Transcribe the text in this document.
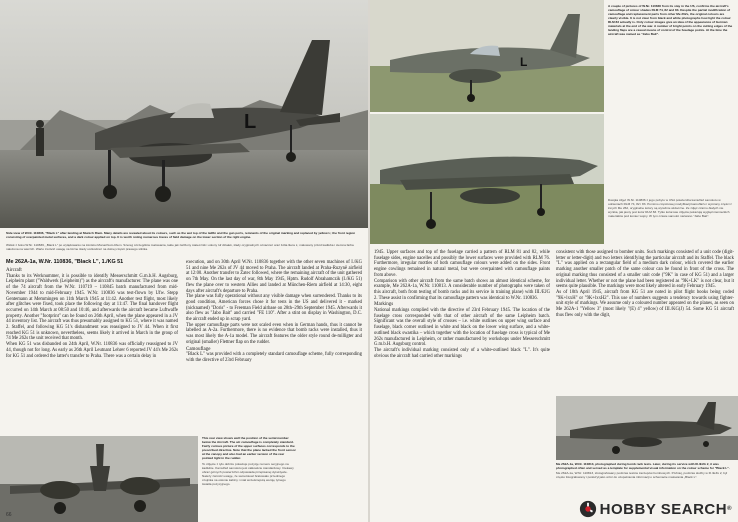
L
Side view of W.Nr. 110836, "Black L" after landing at Munich Riem. Many details are revealed about its colours, such as the wet top of the tailfin and the gun ports, remnants of the original marking and replaced by yellow L; the front region consisting of overpainted metal surfaces, and a dark colour applied on top. It is worth noting numerous traces of field damage on the lower section of the right engine.
Widok z boku W.Nr. 110836, „Black L" po wylądowaniu na lotnisku Monachium-Riem. Szereg szczegółów malowania, takie jak zwilżony statecznik i osłony luf działek, ślady oryginalnych oznaczeń oraz żółta litera L; malowany przód kadłuba i ciemna farba nałożona na wierzch. Warto zwrócić uwagę na liczne ślady uszkodzeń na dolnej części prawego silnika.
Me 262A-1a, W.Nr. 110836, "Black L", 1./KG 51
Aircraft

Thanks to its Werknummer, it is possible to identify Messerschmitt G.m.b.H. Augsburg, Leipheim plant ("Waldwerk (Leipheim)") as the aircraft's manufacturer. The plane was one of the 74 aircraft from the W.Nr. 110719 – 110845 batch manufactured from mid-November 1944 to mid-February 1945. W.Nr. 110836 was test-flown by Ufw. Stepp Gentemann at Memmingen on 11th March 1945 at 11:42. Another test flight, most likely after glitches were fixed, took place the following day at 11:47. The final handover flight occurred on 14th March at 08:50 and 10:46, and afterwards the aircraft became Luftwaffe property. Another "footprint" can be found on 26th April, when the plane appeared in a JV 44 inventory list. The aircraft was thus presumably assigned to KG 51, where it was named 2. Staffel, and following KG 51's disbandment was reassigned to JV 44. When it first reached KG 51 is unknown, nevertheless, seems likely it arrived in March in the group of 74 Me 262s the unit received that month.
When KG 51 was disbanded on 24th April, W.Nr. 110836 was officially reassigned to JV 44, though not for long. As early as 26th April Leutnant Lehrer 6 reported JV 44's Me 262s for KG 51 and ordered the latter's transfer to Praha. There was a certain delay in

execution, and on 30th April W.Nr. 110836 together with the other seven machines of I./KG 51 and nine Me 262s of JV 44 moved to Praha. The aircraft landed at Praha-Ruzyně airfield at 12:00. Another transfer to Žatec followed, where the remaining aircraft of the unit gathered on 7th May. On the last day of war, 8th May 1945, Hptm. Rudolf Abrahamczik (I./KG 51) flew the plane over to western Allies and landed at München-Riem airfield at 14:30, eight days after aircraft's departure to Praha.
The plane was fully operational without any visible damage when surrendered. Thanks to its good condition, American forces chose it for tests in the US and delivered it - marked (nicknamed) "Doris" - to Freeman Field airbase on 28th–29th September 1945. Afterwards it also flew as "Jabo Bait" and carried "FE 110". After a stint on display in Washington, D.C. the aircraft ended up in scrap yard.
The upper camouflage parts were not scaled even when in German hands, thus it cannot be labelled as A-2a. Furthermore, there is no evidence that bomb racks were installed, thus it was most likely the A-1a model. The aircraft features the older style round de-milligter and original (smaller) Flettner flap on the rudder.

Camouflage

"Black L" was provided with a completely standard camouflage scheme, fully corresponding with the directive of 23rd February

This rear view shows well the position of the serial number below the Aircraft. The a/c camouflage is completely standard. Fairly curious picture of the upper surfaces corresponds to the prescribed directive. Note that the plane lacked the front sensor at the canopy and also had an earlier version of the rear pointed light in the rudder.
To zdjęcie z tyłu dobrze pokazuje pozycję numeru seryjnego na kadłubie. Kamuflaż samolotu jest całkowicie standardowy. Ciekawy obraz górnych powierzchni odpowiada przepisanej dyrektywie. Należy zwrócić uwagę, że samolotowi brakowało przedniego czujnika na osłonie kabiny i miał wcześniejszą wersję tylnego światła pozycyjnego.
66
L
A couple of pictures of W.Nr. 110836 from its stay in the US, confirms the aircraft's camouflage of colour shades RLM 74, 82 and 83. Despite the partial modification of camouflage and replacement parts from other Me 262s, the original colours are clearly visible. It is not clear from black and white photographs how light the colour RLM 83 actually is. Only colour images give an idea of the appearance of German materials at the end of the war. A number of bright points on the cutting edges of the landing flaps are a casual means of control of the fuselage points. At the time the aircraft was named as "Jabo Bait".
Dwojka zdjęć W.Nr. 110836 z jego pobytu w USA potwierdza kamuflaż samolotu w odcieniach RLM 74, 82 i 83. Pomimo częściowej modyfikacji kamuflażu i wymiany części z innych Me 262, oryginalne kolory są wyraźnie widoczne. Ze zdjęć czarno-białych nie wynika, jak jasny jest kolor RLM 83. Tylko kolorowe zdjęcia pokazują wygląd niemieckich materiałów pod koniec wojny. W tym czasie samolot nazwano "Jabo Bait".

1945. Upper surfaces and top of the fuselage carried a pattern of RLM 81 and 82, while fuselage sides, engine nacelles and possibly the lower surfaces were provided with RLM 76. Furthermore, irregular mottles of both camouflage colours were added on the sides. Front engine cowlings remained in natural metal, but were overpainted with camouflage paints from above.
Comparison with other aircraft from the same batch shows an almost identical scheme, for example, Me 262A-1a, W.Nr. 110813. A considerable number of photographs were taken of this aircraft, both from testing of bomb racks and its service in training plane) with III./EJG 2. These assist in confirming that its camouflage pattern was identical to W.Nr. 110836.

Markings

National markings complied with the directive of 23rd February 1945. The location of the fuselage cross corresponded with that of other aircraft of the same Leipheim batch. Significant was the overall style of crosses – i.e. white outlines on upper wing surface and fuselage, black corner outlined in white and black on the lower wing surface, and a white-outlined black swastika – which together with the location of fuselage cross is typical of Me 262s manufactured in Leipheim, or rather manufactured by workshops under Messerschmitt G.m.b.H. Augsburg control.
The aircraft's individual marking consisted only of a white-outlined black "L". It's quite obvious the aircraft had carried other markings

consistent with those assigned to bomber units. Such markings consisted of a unit code (digit-letter or letter-digit) and two letters identifying the particular aircraft and its Staffel. The black "L" was applied on a rectangular field of a medium dark colour, which covered the earlier marking another smaller patch of the same colour can be found in front of the cross. The original marking thus consisted of a smaller unit code ("9K" in case of KG 51) and a larger individual letter. Whether or not the plane had been registered as "9K+LK" is not clear, but it seems quite plausible. The markings were most likely altered in early February 1945.
As of 10th April 1945, aircraft from KG 51 are noted in pilot flight books being coded "9K+lxxH" or "9K+lxxH2". This use of numbers suggests a tendency towards using fighter-unit style of markings. We assume only a coloured number appeared on the planes, as seen on Me 262A-1 "Yellow 3" (most likely "(E) 4" yellow) of III./KG(J) 54. Some KG 51 aircraft thus flew only with the digit,

Me 262A-1a, W.Nr. 110813, photographed during bomb rack tests. Later, during its service with III./EJG 2, it was photographed often and served as a template for supplemental visual information on the colour scheme for "Black L".
Me 262A-1a, W.Nr. 110813, sfotografowany podczas testów zaczepów bombowych. Później, podczas służby w III./EJG 2, był często fotografowany i posłużył jako wzór do uzupełnienia informacji o schemacie malowania „Black L".
HOBBY SEARCH ®
